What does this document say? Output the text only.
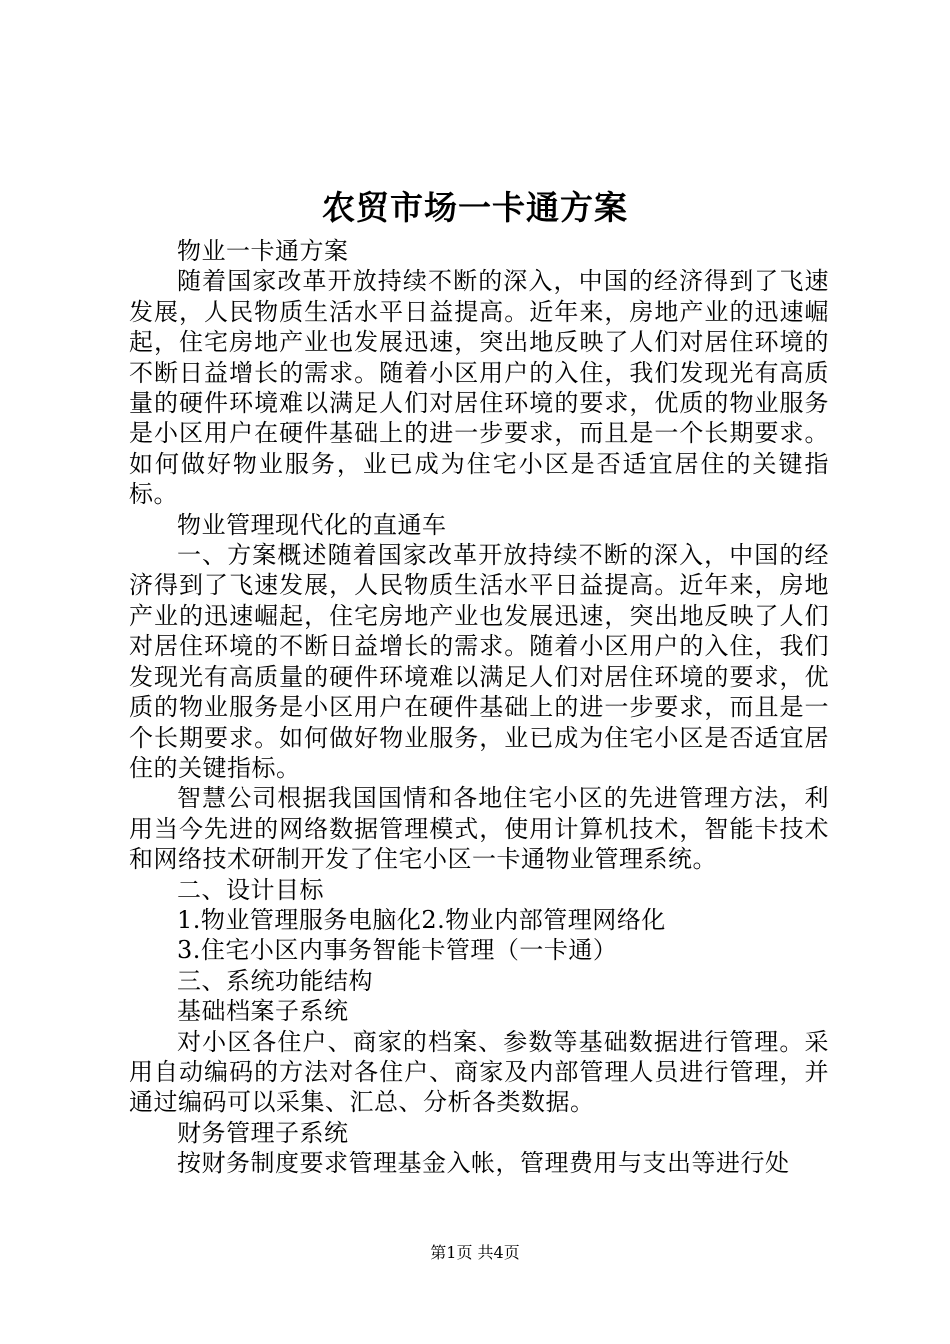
农贸市场一卡通方案

物业一卡通方案

随着国家改革开放持续不断的深入，中国的经济得到了飞速发展，人民物质生活水平日益提高。近年来，房地产业的迅速崛起，住宅房地产业也发展迅速，突出地反映了人们对居住环境的不断日益增长的需求。随着小区用户的入住，我们发现光有高质量的硬件环境难以满足人们对居住环境的要求，优质的物业服务是小区用户在硬件基础上的进一步要求，而且是一个长期要求。如何做好物业服务，业已成为住宅小区是否适宜居住的关键指标。

物业管理现代化的直通车

一、方案概述随着国家改革开放持续不断的深入，中国的经济得到了飞速发展，人民物质生活水平日益提高。近年来，房地产业的迅速崛起，住宅房地产业也发展迅速，突出地反映了人们对居住环境的不断日益增长的需求。随着小区用户的入住，我们发现光有高质量的硬件环境难以满足人们对居住环境的要求，优质的物业服务是小区用户在硬件基础上的进一步要求，而且是一个长期要求。如何做好物业服务，业已成为住宅小区是否适宜居住的关键指标。

智慧公司根据我国国情和各地住宅小区的先进管理方法，利用当今先进的网络数据管理模式，使用计算机技术，智能卡技术和网络技术研制开发了住宅小区一卡通物业管理系统。

二、设计目标

1.物业管理服务电脑化2.物业内部管理网络化

3.住宅小区内事务智能卡管理（一卡通）

三、系统功能结构

基础档案子系统

对小区各住户、商家的档案、参数等基础数据进行管理。采用自动编码的方法对各住户、商家及内部管理人员进行管理，并通过编码可以采集、汇总、分析各类数据。

财务管理子系统

按财务制度要求管理基金入帐，管理费用与支出等进行处

第1页 共4页
